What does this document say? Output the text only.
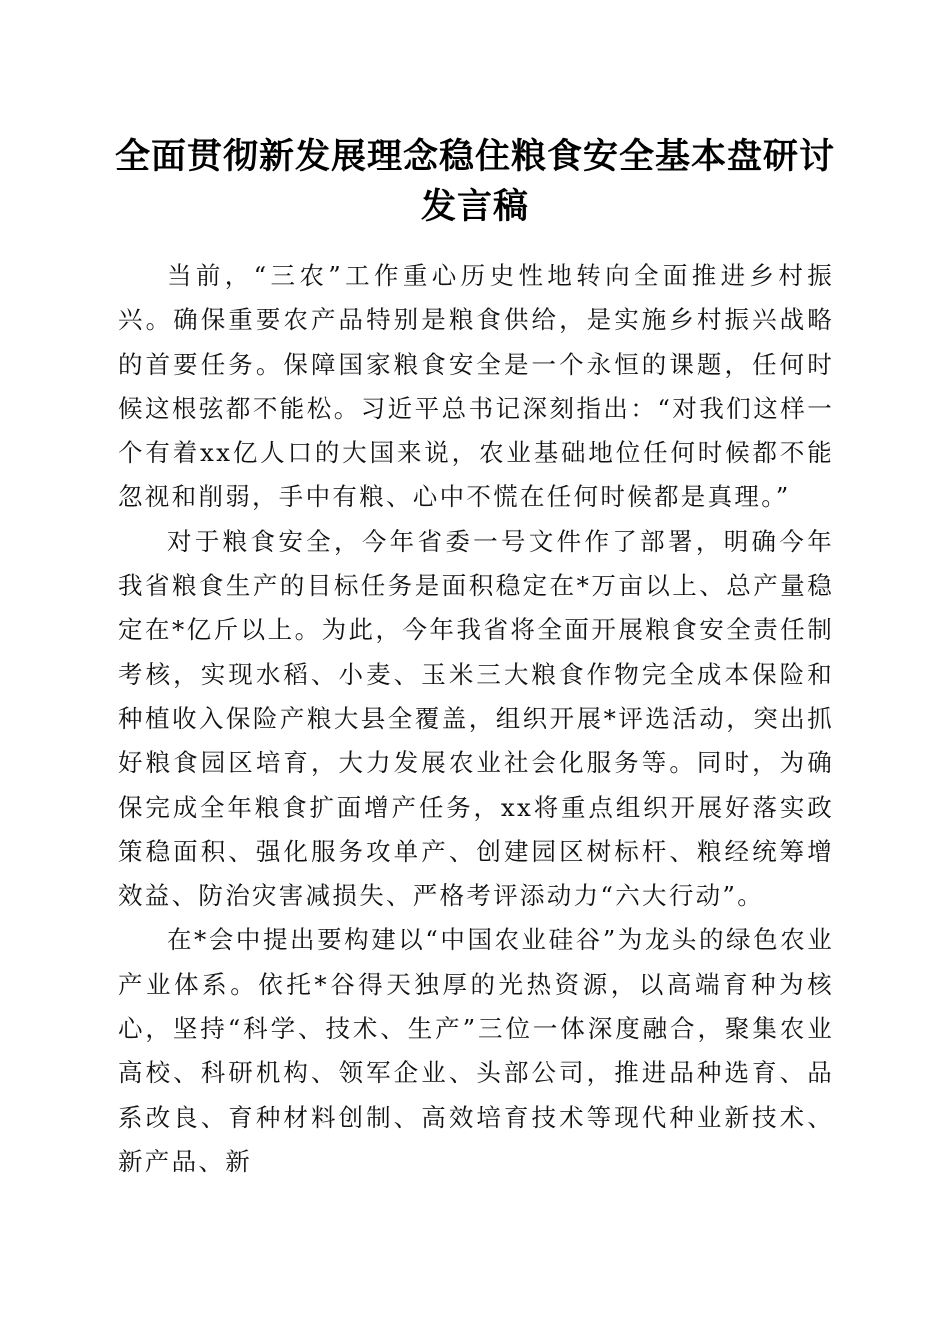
全面贯彻新发展理念稳住粮食安全基本盘研讨发言稿

当前，“三农”工作重心历史性地转向全面推进乡村振兴。确保重要农产品特别是粮食供给，是实施乡村振兴战略的首要任务。保障国家粮食安全是一个永恒的课题，任何时候这根弦都不能松。习近平总书记深刻指出：“对我们这样一个有着xx亿人口的大国来说，农业基础地位任何时候都不能忽视和削弱，手中有粮、心中不慌在任何时候都是真理。”

对于粮食安全，今年省委一号文件作了部署，明确今年我省粮食生产的目标任务是面积稳定在*万亩以上、总产量稳定在*亿斤以上。为此，今年我省将全面开展粮食安全责任制考核，实现水稻、小麦、玉米三大粮食作物完全成本保险和种植收入保险产粮大县全覆盖，组织开展*评选活动，突出抓好粮食园区培育，大力发展农业社会化服务等。同时，为确保完成全年粮食扩面增产任务，xx将重点组织开展好落实政策稳面积、强化服务攻单产、创建园区树标杆、粮经统筹增效益、防治灾害减损失、严格考评添动力“六大行动”。

在*会中提出要构建以“中国农业硅谷”为龙头的绿色农业产业体系。依托*谷得天独厚的光热资源，以高端育种为核心，坚持“科学、技术、生产”三位一体深度融合，聚集农业高校、科研机构、领军企业、头部公司，推进品种选育、品系改良、育种材料创制、高效培育技术等现代种业新技术、新产品、新
